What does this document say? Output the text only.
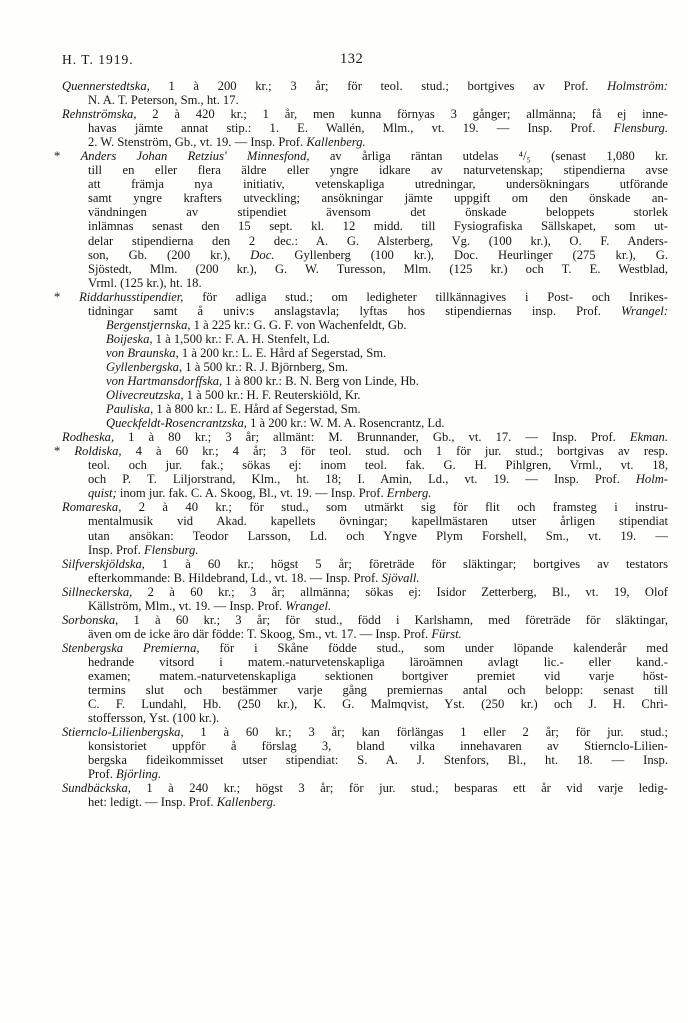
H. T. 1919.	132
Quennerstedtska, 1 à 200 kr.; 3 år; för teol. stud.; bortgives av Prof. Holmström:
N. A. T. Peterson, Sm., ht. 17.
Rehnströmska, 2 à 420 kr.; 1 år, men kunna förnyas 3 gånger; allmänna; få ej inne-
havas jämte annat stip.: 1. E. Wallén, Mlm., vt. 19. — Insp. Prof. Flensburg.
2. W. Stenström, Gb., vt. 19. — Insp. Prof. Kallenberg.
* Anders Johan Retzius' Minnesfond, av årliga räntan utdelas ⁴/₅ (senast 1,080 kr.
till en eller flera äldre eller yngre idkare av naturvetenskap; stipendierna avse
att främja nya initiativ, vetenskapliga utredningar, undersökningars utförande
samt yngre krafters utveckling; ansökningar jämte uppgift om den önskade an-
vändningen av stipendiet ävensom det önskade beloppets storlek
inlämnas senast den 15 sept. kl. 12 midd. till Fysiografiska Sällskapet, som ut-
delar stipendierna den 2 dec.: A. G. Alsterberg, Vg. (100 kr.), O. F. Anders-
son, Gb. (200 kr.), Doc. Gyllenberg (100 kr.), Doc. Heurlinger (275 kr.), G.
Sjöstedt, Mlm. (200 kr.), G. W. Turesson, Mlm. (125 kr.) och T. E. Westblad,
Vrml. (125 kr.), ht. 18.
* Riddarhusstipendier, för adliga stud.; om ledigheter tillkännagives i Post- och Inrikes-
tidningar samt å univ:s anslagstavla; lyftas hos stipendiernas insp. Prof. Wrangel:
Bergenstjernska, 1 à 225 kr.: G. G. F. von Wachenfeldt, Gb.
Boijeska, 1 à 1,500 kr.: F. A. H. Stenfelt, Ld.
von Braunska, 1 à 200 kr.: L. E. Hård af Segerstad, Sm.
Gyllenbergska, 1 à 500 kr.: R. J. Björnberg, Sm.
von Hartmansdorffska, 1 à 800 kr.: B. N. Berg von Linde, Hb.
Olivecreutzska, 1 à 500 kr.: H. F. Reuterskiöld, Kr.
Pauliska, 1 à 800 kr.: L. E. Hård af Segerstad, Sm.
Queckfeldt-Rosencrantzska, 1 à 200 kr.: W. M. A. Rosencrantz, Ld.
Rodheska, 1 à 80 kr.; 3 år; allmänt: M. Brunnander, Gb., vt. 17. — Insp. Prof. Ekman.
* Roldiska, 4 à 60 kr.; 4 år; 3 för teol. stud. och 1 för jur. stud.; bortgivas av resp.
teol. och jur. fak.; sökas ej: inom teol. fak. G. H. Pihlgren, Vrml., vt. 18,
och P. T. Liljorstrand, Klm., ht. 18; I. Amin, Ld., vt. 19. — Insp. Prof. Holm-
quist; inom jur. fak. C. A. Skoog, Bl., vt. 19. — Insp. Prof. Ernberg.
Romareska, 2 à 40 kr.; för stud., som utmärkt sig för flit och framsteg i instru-
mentalmusik vid Akad. kapellets övningar; kapellmästaren utser årligen stipendiat
utan ansökan: Teodor Larsson, Ld. och Yngve Plym Forshell, Sm., vt. 19. —
Insp. Prof. Flensburg.
Silfverskjöldska, 1 à 60 kr.; högst 5 år; företräde för släktingar; bortgives av testators
efterkommande: B. Hildebrand, Ld., vt. 18. — Insp. Prof. Sjövall.
Sillneckerska, 2 à 60 kr.; 3 år; allmänna; sökas ej: Isidor Zetterberg, Bl., vt. 19, Olof
Källström, Mlm., vt. 19. — Insp. Prof. Wrangel.
Sorbonska, 1 à 60 kr.; 3 år; för stud., född i Karlshamn, med företräde för släktingar,
även om de icke äro där födde: T. Skoog, Sm., vt. 17. — Insp. Prof. Fürst.
Stenbergska Premierna, för i Skåne födde stud., som under löpande kalenderår med
hedrande vitsord i matem.-naturvetenskapliga läroämnen avlagt lic.- eller kand.-
examen; matem.-naturvetenskapliga sektionen bortgiver premiet vid varje höst-
termins slut och bestämmer varje gång premiernas antal och belopp: senast till
C. F. Lundahl, Hb. (250 kr.), K. G. Malmqvist, Yst. (250 kr.) och J. H. Chri-
stoffersson, Yst. (100 kr.).
Stiernclo-Lilienbergska, 1 à 60 kr.; 3 år; kan förlängas 1 eller 2 år; för jur. stud.;
konsistoriet uppför å förslag 3, bland vilka innehavaren av Stiernclo-Lilien-
bergska fideikommisset utser stipendiat: S. A. J. Stenfors, Bl., ht. 18. — Insp.
Prof. Björling.
Sundbäckska, 1 à 240 kr.; högst 3 år; för jur. stud.; besparas ett år vid varje ledig-
het: ledigt. — Insp. Prof. Kallenberg.
